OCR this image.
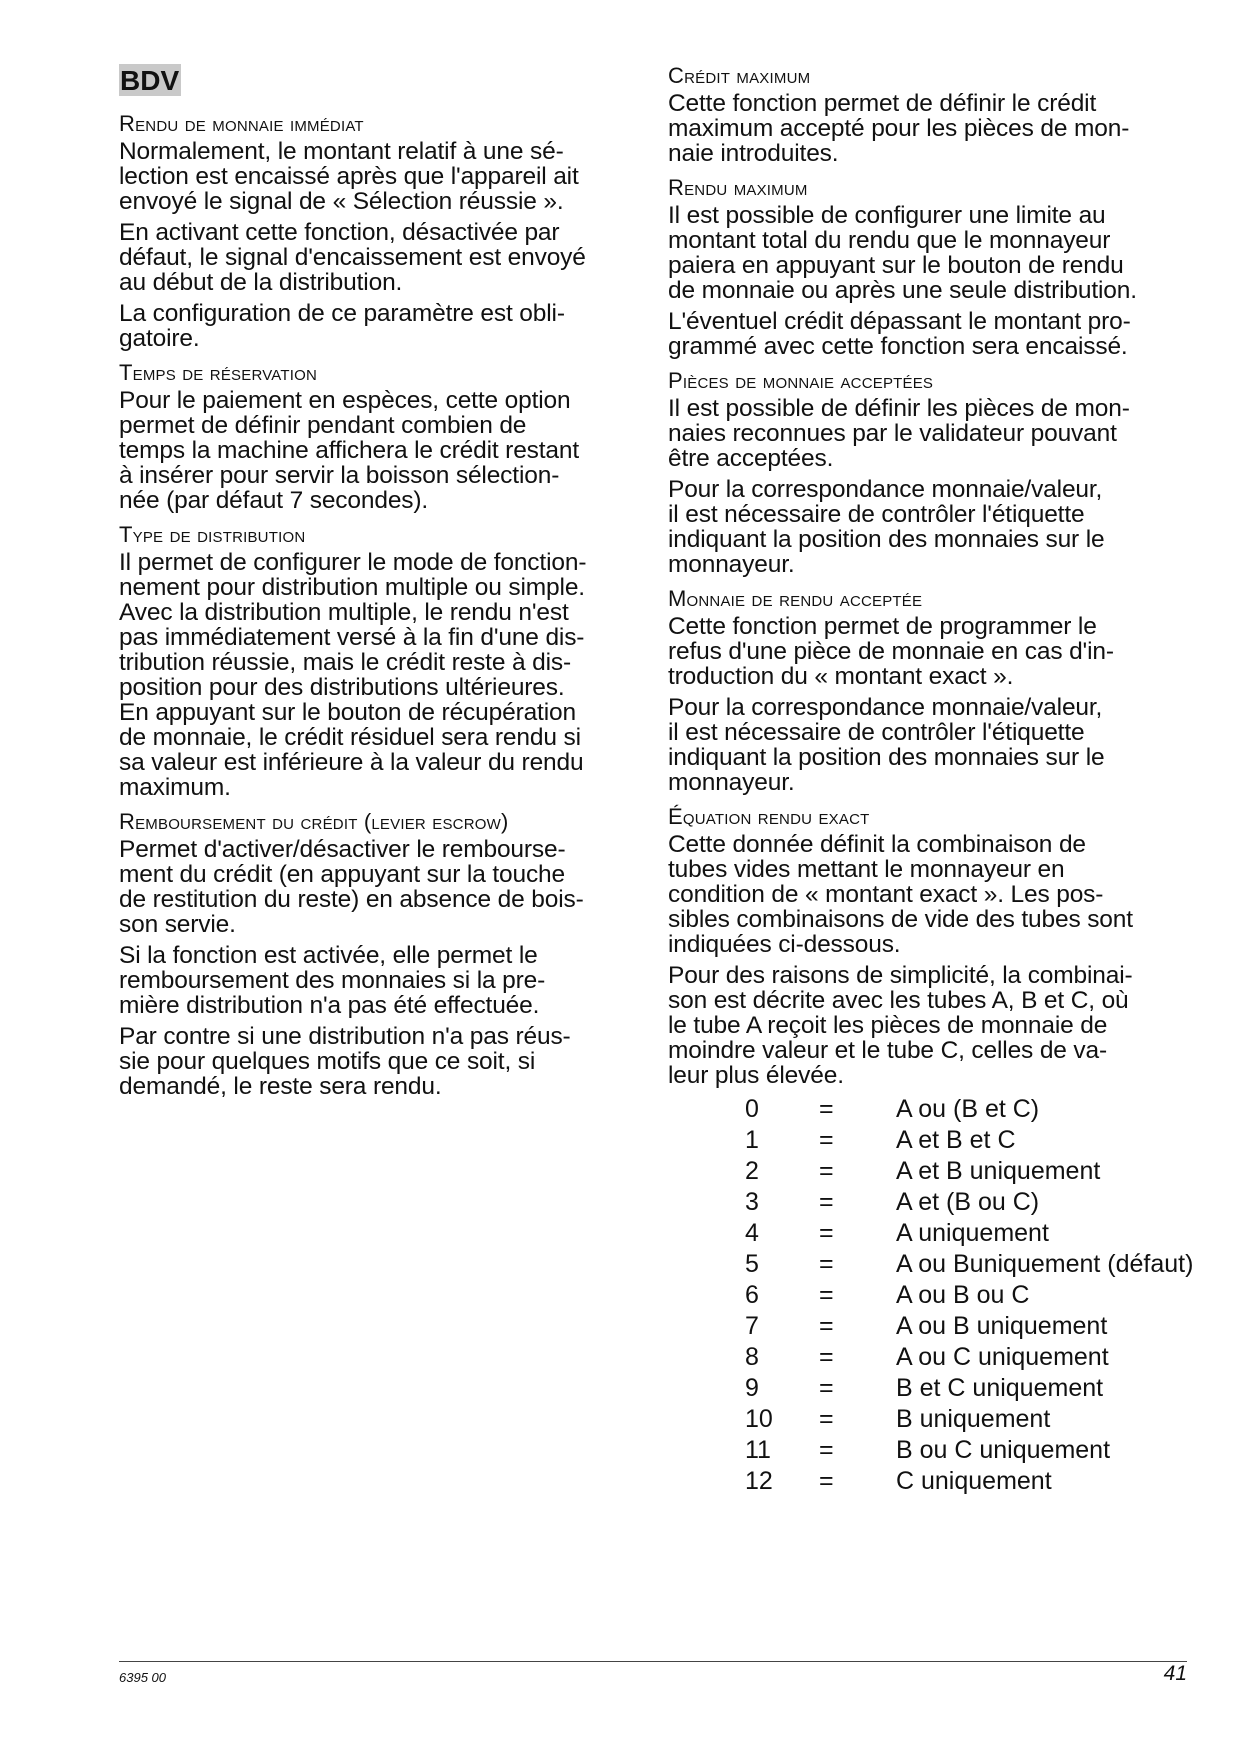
BDV
Rendu de monnaie immédiat
Normalement, le montant relatif à une sé-
lection est encaissé après que l'appareil ait
envoyé le signal de « Sélection réussie ».
En activant cette fonction, désactivée par
défaut, le signal d'encaissement est envoyé
au début de la distribution.
La configuration de ce paramètre est obli-
gatoire.
Temps de réservation
Pour le paiement en espèces, cette option
permet de définir pendant combien de
temps la machine affichera le crédit restant
à insérer pour servir la boisson sélection-
née (par défaut 7 secondes).
Type de distribution
Il permet de configurer le mode de fonction-
nement pour distribution multiple ou simple.
Avec la distribution multiple, le rendu n'est
pas immédiatement versé à la fin d'une dis-
tribution réussie, mais le crédit reste à dis-
position pour des distributions ultérieures.
En appuyant sur le bouton de récupération
de monnaie, le crédit résiduel sera rendu si
sa valeur est inférieure à la valeur du rendu
maximum.
Remboursement du crédit (levier escrow)
Permet d'activer/désactiver le rembourse-
ment du crédit (en appuyant sur la touche
de restitution du reste) en absence de bois-
son servie.
Si la fonction est activée, elle permet le
remboursement des monnaies si la pre-
mière distribution n'a pas été effectuée.
Par contre si une distribution n'a pas réus-
sie pour quelques motifs que ce soit, si
demandé, le reste sera rendu.
Crédit maximum
Cette fonction permet de définir le crédit
maximum accepté pour les pièces de mon-
naie introduites.
Rendu maximum
Il est possible de configurer une limite au
montant total du rendu que le monnayeur
paiera en appuyant sur le bouton de rendu
de monnaie ou après une seule distribution.
L'éventuel crédit dépassant le montant pro-
grammé avec cette fonction sera encaissé.
Pièces de monnaie acceptées
Il est possible de définir les pièces de mon-
naies reconnues par le validateur pouvant
être acceptées.
Pour la correspondance monnaie/valeur,
il est nécessaire de contrôler l'étiquette
indiquant la position des monnaies sur le
monnayeur.
Monnaie de rendu acceptée
Cette fonction permet de programmer le
refus d'une pièce de monnaie en cas d'in-
troduction du « montant exact ».
Pour la correspondance monnaie/valeur,
il est nécessaire de contrôler l'étiquette
indiquant la position des monnaies sur le
monnayeur.
Équation rendu exact
Cette donnée définit la combinaison de
tubes vides mettant le monnayeur en
condition de « montant exact ». Les pos-
sibles combinaisons de vide des tubes sont
indiquées ci-dessous.
Pour des raisons de simplicité, la combinai-
son est décrite avec les tubes A, B et C, où
le tube A reçoit les pièces de monnaie de
moindre valeur et le tube C, celles de va-
leur plus élevée.
0	=	A ou (B et C)
1	=	A et B et C
2	=	A et B uniquement
3	=	A et (B ou C)
4	=	A uniquement
5	=	A ou B uniquement (défaut)
6	=	A ou B ou C
7	=	A ou B uniquement
8	=	A ou C uniquement
9	=	B et C uniquement
10	=	B uniquement
11	=	B ou C uniquement
12	=	C uniquement
6395 00	41
